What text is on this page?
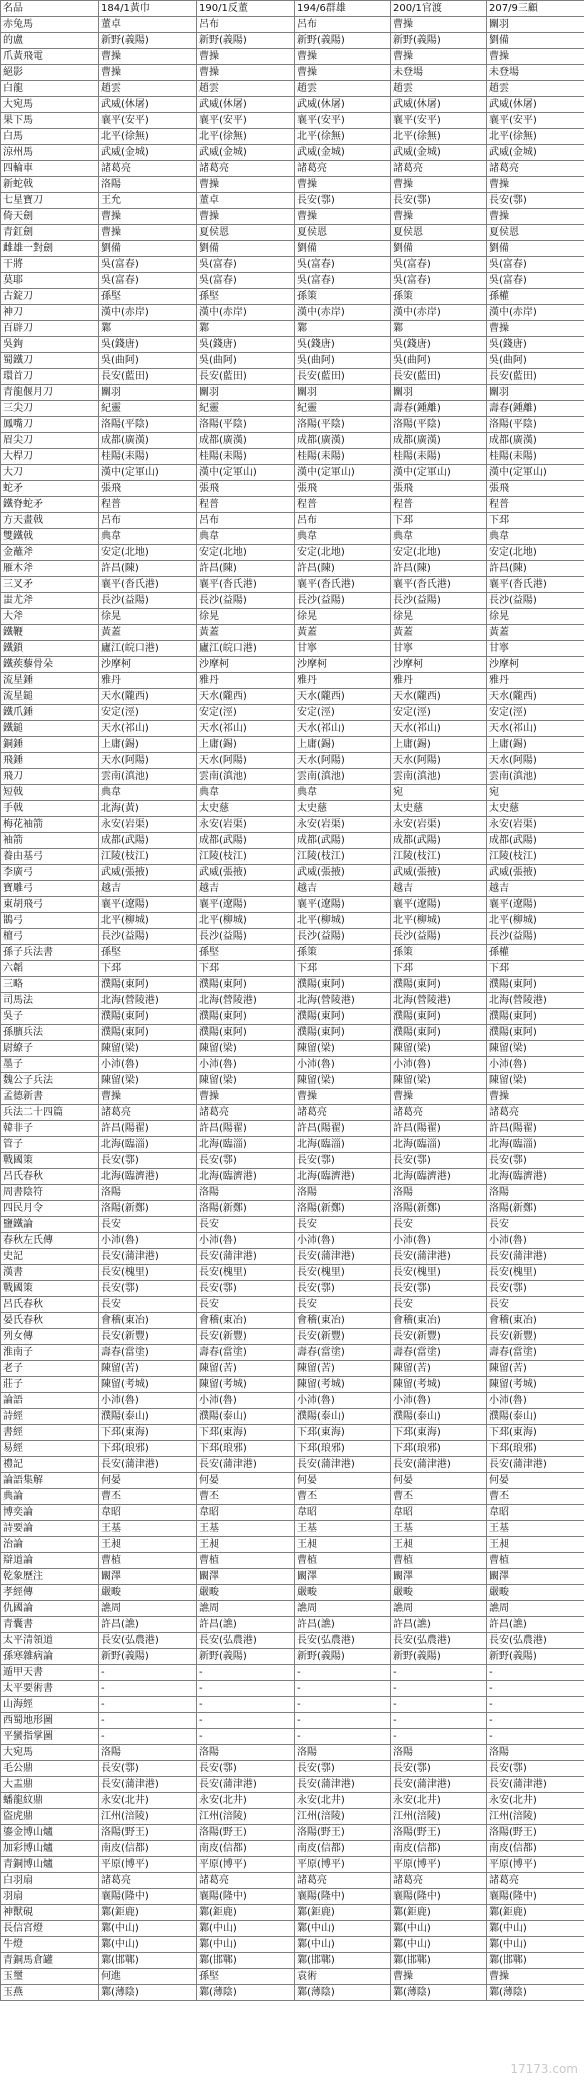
名品	184/1黃巾	190/1反董	194/6群雄	200/1官渡	207/9三顧
赤兔馬	董卓	呂布	呂布	曹操	關羽
的盧	新野(義陽)	新野(義陽)	新野(義陽)	新野(義陽)	劉備
爪黃飛電	曹操	曹操	曹操	曹操	曹操
絕影	曹操	曹操	曹操	未登場	未登場
白龍	趙雲	趙雲	趙雲	趙雲	趙雲
大宛馬	武威(休屠)	武威(休屠)	武威(休屠)	武威(休屠)	武威(休屠)
果下馬	襄平(安平)	襄平(安平)	襄平(安平)	襄平(安平)	襄平(安平)
白馬	北平(徐無)	北平(徐無)	北平(徐無)	北平(徐無)	北平(徐無)
涼州馬	武威(金城)	武威(金城)	武威(金城)	武威(金城)	武威(金城)
四輪車	諸葛亮	諸葛亮	諸葛亮	諸葛亮	諸葛亮
新蛇戟	洛陽	曹操	曹操	曹操	曹操
七星寶刀	王允	董卓	長安(鄠)	長安(鄠)	長安(鄠)
倚天劍	曹操	曹操	曹操	曹操	曹操
青釭劍	曹操	夏侯恩	夏侯恩	夏侯恩	夏侯恩
雌雄一對劍	劉備	劉備	劉備	劉備	劉備
干將	吳(富春)	吳(富春)	吳(富春)	吳(富春)	吳(富春)
莫耶	吳(富春)	吳(富春)	吳(富春)	吳(富春)	吳(富春)
古錠刀	孫堅	孫堅	孫策	孫策	孫權
神刀	漢中(赤岸)	漢中(赤岸)	漢中(赤岸)	漢中(赤岸)	漢中(赤岸)
百辟刀	鄴	鄴	鄴	鄴	曹操
吳鉤	吳(錢唐)	吳(錢唐)	吳(錢唐)	吳(錢唐)	吳(錢唐)
蜀鐵刀	吳(曲阿)	吳(曲阿)	吳(曲阿)	吳(曲阿)	吳(曲阿)
環首刀	長安(藍田)	長安(藍田)	長安(藍田)	長安(藍田)	長安(藍田)
青龍偃月刀	關羽	關羽	關羽	關羽	關羽
三尖刀	紀靈	紀靈	紀靈	壽春(鍾離)	壽春(鍾離)
鳳嘴刀	洛陽(平陰)	洛陽(平陰)	洛陽(平陰)	洛陽(平陰)	洛陽(平陰)
眉尖刀	成都(廣漢)	成都(廣漢)	成都(廣漢)	成都(廣漢)	成都(廣漢)
大桿刀	桂陽(耒陽)	桂陽(耒陽)	桂陽(耒陽)	桂陽(耒陽)	桂陽(耒陽)
大刀	漢中(定軍山)	漢中(定軍山)	漢中(定軍山)	漢中(定軍山)	漢中(定軍山)
蛇矛	張飛	張飛	張飛	張飛	張飛
鐵脊蛇矛	程普	程普	程普	程普	程普
方天畫戟	呂布	呂布	呂布	下邳	下邳
雙鐵戟	典韋	典韋	典韋	典韋	典韋
金蘸斧	安定(北地)	安定(北地)	安定(北地)	安定(北地)	安定(北地)
雁木斧	許昌(陳)	許昌(陳)	許昌(陳)	許昌(陳)	許昌(陳)
三叉矛	襄平(沓氏港)	襄平(沓氏港)	襄平(沓氏港)	襄平(沓氏港)	襄平(沓氏港)
蚩尤斧	長沙(益陽)	長沙(益陽)	長沙(益陽)	長沙(益陽)	長沙(益陽)
大斧	徐晃	徐晃	徐晃	徐晃	徐晃
鐵鞭	黃蓋	黃蓋	黃蓋	黃蓋	黃蓋
鐵鎖	廬江(皖口港)	廬江(皖口港)	甘寧	甘寧	甘寧
鐵蒺藜骨朵	沙摩柯	沙摩柯	沙摩柯	沙摩柯	沙摩柯
流星錘	雅丹	雅丹	雅丹	雅丹	雅丹
流星鎚	天水(隴西)	天水(隴西)	天水(隴西)	天水(隴西)	天水(隴西)
鐵爪錘	安定(涇)	安定(涇)	安定(涇)	安定(涇)	安定(涇)
鐵鎚	天水(祁山)	天水(祁山)	天水(祁山)	天水(祁山)	天水(祁山)
銅錘	上庸(錫)	上庸(錫)	上庸(錫)	上庸(錫)	上庸(錫)
飛錘	天水(阿陽)	天水(阿陽)	天水(阿陽)	天水(阿陽)	天水(阿陽)
飛刀	雲南(滇池)	雲南(滇池)	雲南(滇池)	雲南(滇池)	雲南(滇池)
短戟	典韋	典韋	典韋	宛	宛
手戟	北海(黃)	太史慈	太史慈	太史慈	太史慈
梅花袖箭	永安(岩渠)	永安(岩渠)	永安(岩渠)	永安(岩渠)	永安(岩渠)
袖箭	成都(武陽)	成都(武陽)	成都(武陽)	成都(武陽)	成都(武陽)
養由基弓	江陵(枝江)	江陵(枝江)	江陵(枝江)	江陵(枝江)	江陵(枝江)
李廣弓	武威(張掖)	武威(張掖)	武威(張掖)	武威(張掖)	武威(張掖)
寶雕弓	越吉	越吉	越吉	越吉	越吉
東胡飛弓	襄平(遼陽)	襄平(遼陽)	襄平(遼陽)	襄平(遼陽)	襄平(遼陽)
鵲弓	北平(柳城)	北平(柳城)	北平(柳城)	北平(柳城)	北平(柳城)
檀弓	長沙(益陽)	長沙(益陽)	長沙(益陽)	長沙(益陽)	長沙(益陽)
孫子兵法書	孫堅	孫堅	孫策	孫策	孫權
六韜	下邳	下邳	下邳	下邳	下邳
三略	濮陽(東阿)	濮陽(東阿)	濮陽(東阿)	濮陽(東阿)	濮陽(東阿)
司馬法	北海(營陵港)	北海(營陵港)	北海(營陵港)	北海(營陵港)	北海(營陵港)
吳子	濮陽(東阿)	濮陽(東阿)	濮陽(東阿)	濮陽(東阿)	濮陽(東阿)
孫臏兵法	濮陽(東阿)	濮陽(東阿)	濮陽(東阿)	濮陽(東阿)	濮陽(東阿)
尉繚子	陳留(梁)	陳留(梁)	陳留(梁)	陳留(梁)	陳留(梁)
墨子	小沛(魯)	小沛(魯)	小沛(魯)	小沛(魯)	小沛(魯)
魏公子兵法	陳留(梁)	陳留(梁)	陳留(梁)	陳留(梁)	陳留(梁)
孟德新書	曹操	曹操	曹操	曹操	曹操
兵法二十四篇	諸葛亮	諸葛亮	諸葛亮	諸葛亮	諸葛亮
韓非子	許昌(陽翟)	許昌(陽翟)	許昌(陽翟)	許昌(陽翟)	許昌(陽翟)
管子	北海(臨淄)	北海(臨淄)	北海(臨淄)	北海(臨淄)	北海(臨淄)
戰國策	長安(鄠)	長安(鄠)	長安(鄠)	長安(鄠)	長安(鄠)
呂氏春秋	北海(臨濟港)	北海(臨濟港)	北海(臨濟港)	北海(臨濟港)	北海(臨濟港)
周書陰符	洛陽	洛陽	洛陽	洛陽	洛陽
四民月令	洛陽(新鄭)	洛陽(新鄭)	洛陽(新鄭)	洛陽(新鄭)	洛陽(新鄭)
鹽鐵論	長安	長安	長安	長安	長安
春秋左氏傳	小沛(魯)	小沛(魯)	小沛(魯)	小沛(魯)	小沛(魯)
史記	長安(蒲津港)	長安(蒲津港)	長安(蒲津港)	長安(蒲津港)	長安(蒲津港)
漢書	長安(槐里)	長安(槐里)	長安(槐里)	長安(槐里)	長安(槐里)
戰國策	長安(鄠)	長安(鄠)	長安(鄠)	長安(鄠)	長安(鄠)
呂氏春秋	長安	長安	長安	長安	長安
晏氏春秋	會稽(東冶)	會稽(東冶)	會稽(東冶)	會稽(東冶)	會稽(東冶)
列女傳	長安(新豐)	長安(新豐)	長安(新豐)	長安(新豐)	長安(新豐)
淮南子	壽春(當塗)	壽春(當塗)	壽春(當塗)	壽春(當塗)	壽春(當塗)
老子	陳留(苦)	陳留(苦)	陳留(苦)	陳留(苦)	陳留(苦)
莊子	陳留(考城)	陳留(考城)	陳留(考城)	陳留(考城)	陳留(考城)
論語	小沛(魯)	小沛(魯)	小沛(魯)	小沛(魯)	小沛(魯)
詩經	濮陽(泰山)	濮陽(泰山)	濮陽(泰山)	濮陽(泰山)	濮陽(泰山)
書經	下邳(東海)	下邳(東海)	下邳(東海)	下邳(東海)	下邳(東海)
易經	下邳(琅邪)	下邳(琅邪)	下邳(琅邪)	下邳(琅邪)	下邳(琅邪)
禮記	長安(蒲津港)	長安(蒲津港)	長安(蒲津港)	長安(蒲津港)	長安(蒲津港)
論語集解	何晏	何晏	何晏	何晏	何晏
典論	曹丕	曹丕	曹丕	曹丕	曹丕
博奕論	韋昭	韋昭	韋昭	韋昭	韋昭
詩要論	王基	王基	王基	王基	王基
治論	王昶	王昶	王昶	王昶	王昶
辯道論	曹植	曹植	曹植	曹植	曹植
乾象歷注	闞澤	闞澤	闞澤	闞澤	闞澤
孝經傳	嚴畯	嚴畯	嚴畯	嚴畯	嚴畯
仇國論	譙周	譙周	譙周	譙周	譙周
青囊書	許昌(譙)	許昌(譙)	許昌(譙)	許昌(譙)	許昌(譙)
太平清領道	長安(弘農港)	長安(弘農港)	長安(弘農港)	長安(弘農港)	長安(弘農港)
孫寒雜病論	新野(義陽)	新野(義陽)	新野(義陽)	新野(義陽)	新野(義陽)
遁甲天書	-	-	-	-	-
太平要術書	-	-	-	-	-
山海經	-	-	-	-	-
西蜀地形圖	-	-	-	-	-
平蠻指掌圖	-	-	-	-	-
大宛馬	洛陽	洛陽	洛陽	洛陽	洛陽
毛公鼎	長安(鄠)	長安(鄠)	長安(鄠)	長安(鄠)	長安(鄠)
大盂鼎	長安(蒲津港)	長安(蒲津港)	長安(蒲津港)	長安(蒲津港)	長安(蒲津港)
蟠龍紋鼎	永安(北井)	永安(北井)	永安(北井)	永安(北井)	永安(北井)
盜虎鼎	江州(涪陵)	江州(涪陵)	江州(涪陵)	江州(涪陵)	江州(涪陵)
鎏金博山爐	洛陽(野王)	洛陽(野王)	洛陽(野王)	洛陽(野王)	洛陽(野王)
加彩博山爐	南皮(信都)	南皮(信都)	南皮(信都)	南皮(信都)	南皮(信都)
青銅博山爐	平原(博平)	平原(博平)	平原(博平)	平原(博平)	平原(博平)
白羽扇	諸葛亮	諸葛亮	諸葛亮	諸葛亮	諸葛亮
羽扇	襄陽(隆中)	襄陽(隆中)	襄陽(隆中)	襄陽(隆中)	襄陽(隆中)
神獸硯	鄴(鉅鹿)	鄴(鉅鹿)	鄴(鉅鹿)	鄴(鉅鹿)	鄴(鉅鹿)
長信宮燈	鄴(中山)	鄴(中山)	鄴(中山)	鄴(中山)	鄴(中山)
牛燈	鄴(中山)	鄴(中山)	鄴(中山)	鄴(中山)	鄴(中山)
青銅馬倉罐	鄴(邯鄲)	鄴(邯鄲)	鄴(邯鄲)	鄴(邯鄲)	鄴(邯鄲)
玉璽	何進	孫堅	袁術	曹操	曹操
玉燕	鄴(薄陰)	鄴(薄陰)	鄴(薄陰)	鄴(薄陰)	鄴(薄陰)
17173.com
